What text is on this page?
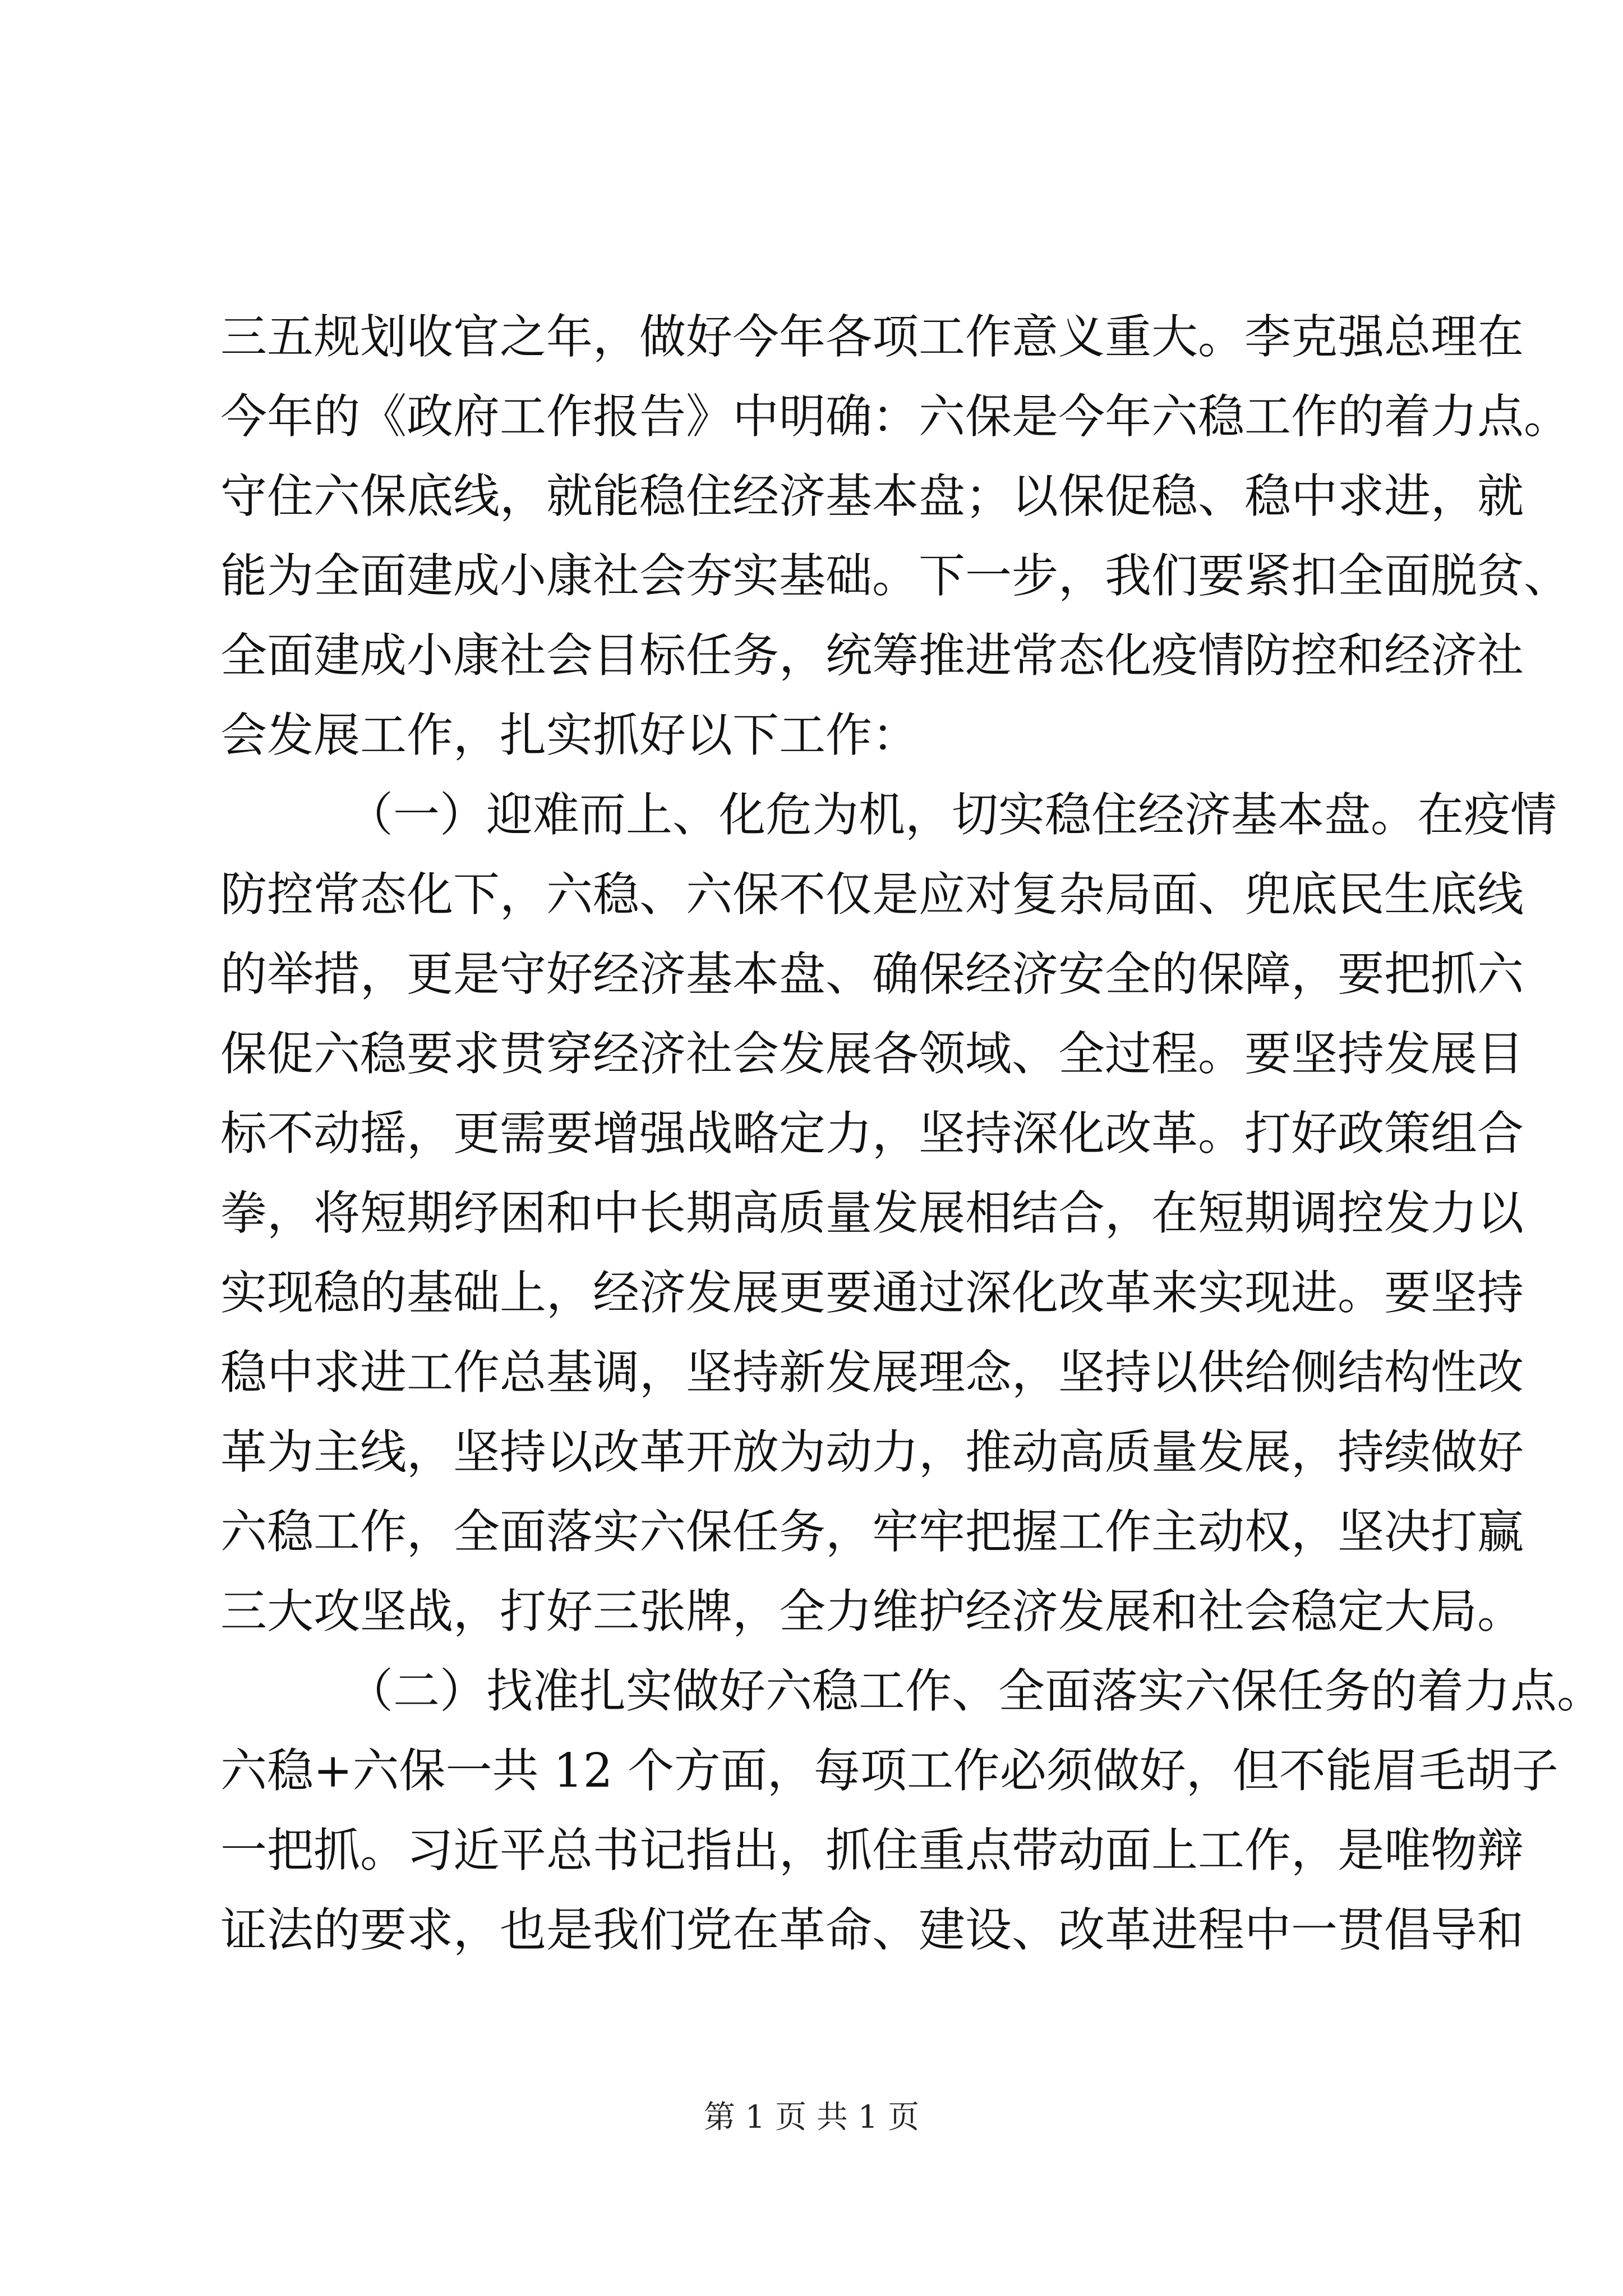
三五规划收官之年，做好今年各项工作意义重大。李克强总理在
今年的《政府工作报告》中明确：六保是今年六稳工作的着力点。
守住六保底线，就能稳住经济基本盘；以保促稳、稳中求进，就
能为全面建成小康社会夯实基础。下一步，我们要紧扣全面脱贫、
全面建成小康社会目标任务，统筹推进常态化疫情防控和经济社
会发展工作，扎实抓好以下工作：
（一）迎难而上、化危为机，切实稳住经济基本盘。在疫情
防控常态化下，六稳、六保不仅是应对复杂局面、兜底民生底线
的举措，更是守好经济基本盘、确保经济安全的保障，要把抓六
保促六稳要求贯穿经济社会发展各领域、全过程。要坚持发展目
标不动摇，更需要增强战略定力，坚持深化改革。打好政策组合
拳，将短期纾困和中长期高质量发展相结合，在短期调控发力以
实现稳的基础上，经济发展更要通过深化改革来实现进。要坚持
稳中求进工作总基调，坚持新发展理念，坚持以供给侧结构性改
革为主线，坚持以改革开放为动力，推动高质量发展，持续做好
六稳工作，全面落实六保任务，牢牢把握工作主动权，坚决打赢
三大攻坚战，打好三张牌，全力维护经济发展和社会稳定大局。
（二）找准扎实做好六稳工作、全面落实六保任务的着力点。
六稳+六保一共 12 个方面，每项工作必须做好，但不能眉毛胡子
一把抓。习近平总书记指出，抓住重点带动面上工作，是唯物辩
证法的要求，也是我们党在革命、建设、改革进程中一贯倡导和
第 1 页 共 1 页
